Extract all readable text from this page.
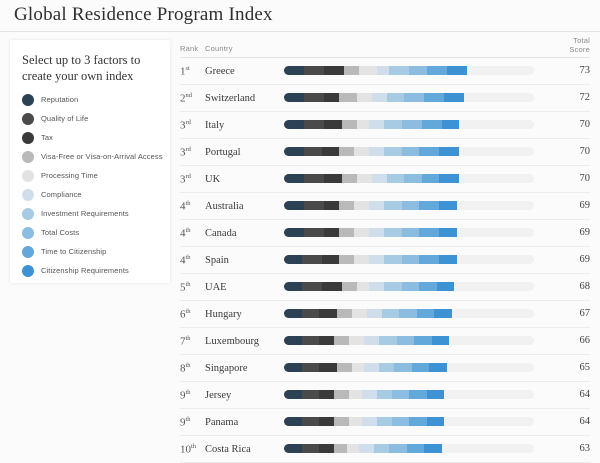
Global Residence Program Index
Select up to 3 factors to create your own index
Reputation
Quality of Life
Tax
Visa-Free or Visa-on-Arrival Access
Processing Time
Compliance
Investment Requirements
Total Costs
Time to Citizenship
Citizenship Requirements
Rank Country
Total Score
1st Greece	73
2nd Switzerland	72
3rd Italy	70
3rd Portugal	70
3rd UK	70
4th Australia	69
4th Canada	69
4th Spain	69
5th UAE	68
6th Hungary	67
7th Luxembourg	66
8th Singapore	65
9th Jersey	64
9th Panama	64
10th Costa Rica	63
